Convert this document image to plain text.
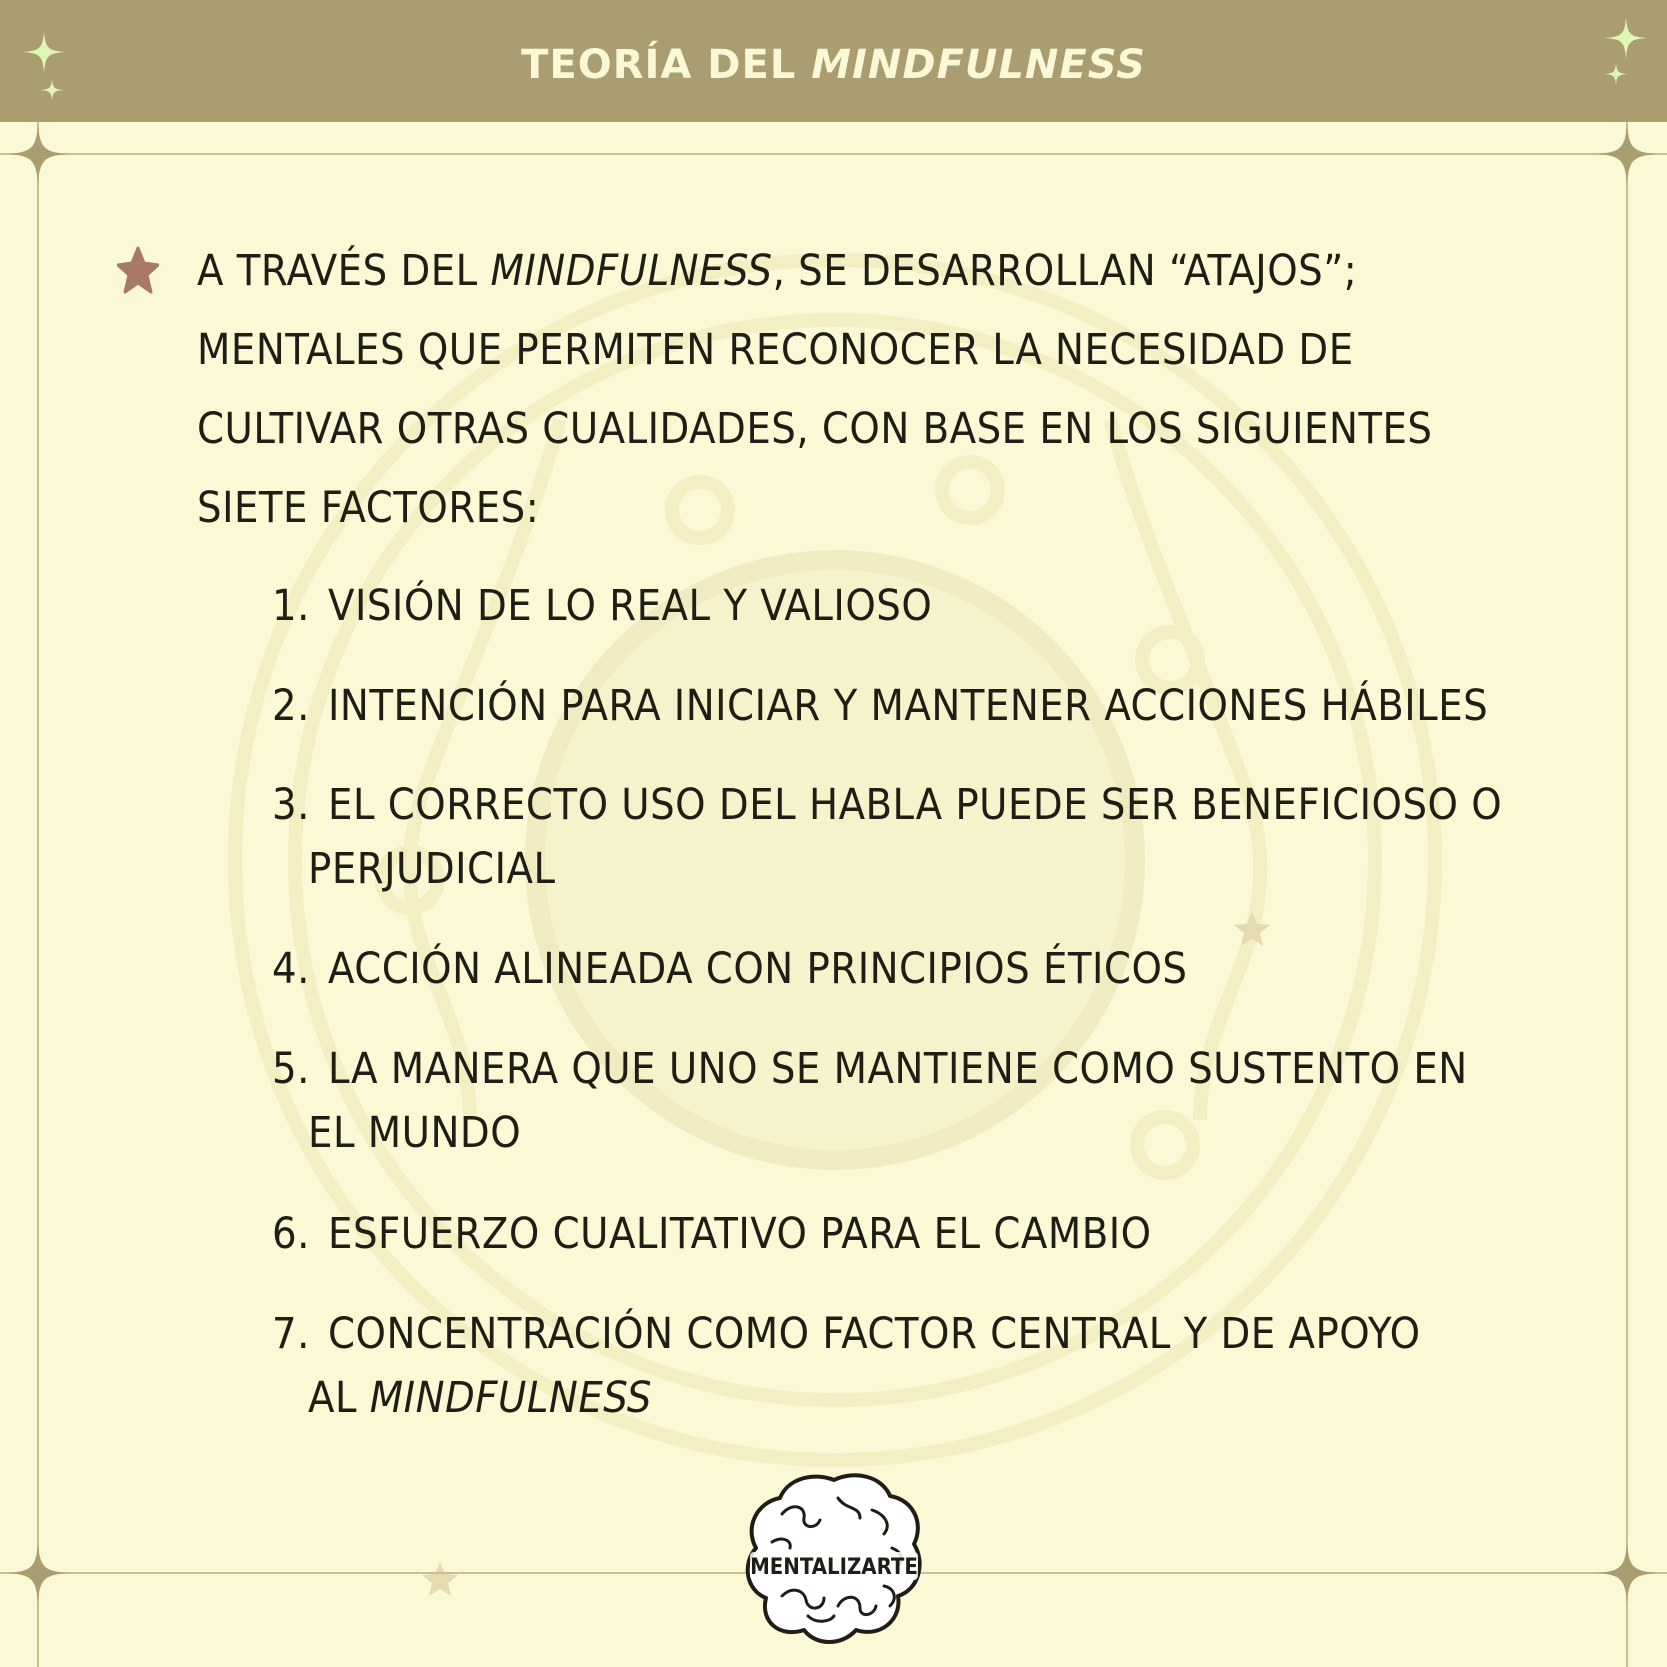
TEORÍA DEL MINDFULNESS
A TRAVÉS DEL MINDFULNESS, SE DESARROLLAN “ATAJOS”; MENTALES QUE PERMITEN RECONOCER LA NECESIDAD DE CULTIVAR OTRAS CUALIDADES, CON BASE EN LOS SIGUIENTES SIETE FACTORES:
1. VISIÓN DE LO REAL Y VALIOSO
2. INTENCIÓN PARA INICIAR Y MANTENER ACCIONES HÁBILES
3. EL CORRECTO USO DEL HABLA PUEDE SER BENEFICIOSO O
PERJUDICIAL
4. ACCIÓN ALINEADA CON PRINCIPIOS ÉTICOS
5. LA MANERA QUE UNO SE MANTIENE COMO SUSTENTO EN
EL MUNDO
6. ESFUERZO CUALITATIVO PARA EL CAMBIO
7. CONCENTRACIÓN COMO FACTOR CENTRAL Y DE APOYO
AL MINDFULNESS
MENTALIZARTE
